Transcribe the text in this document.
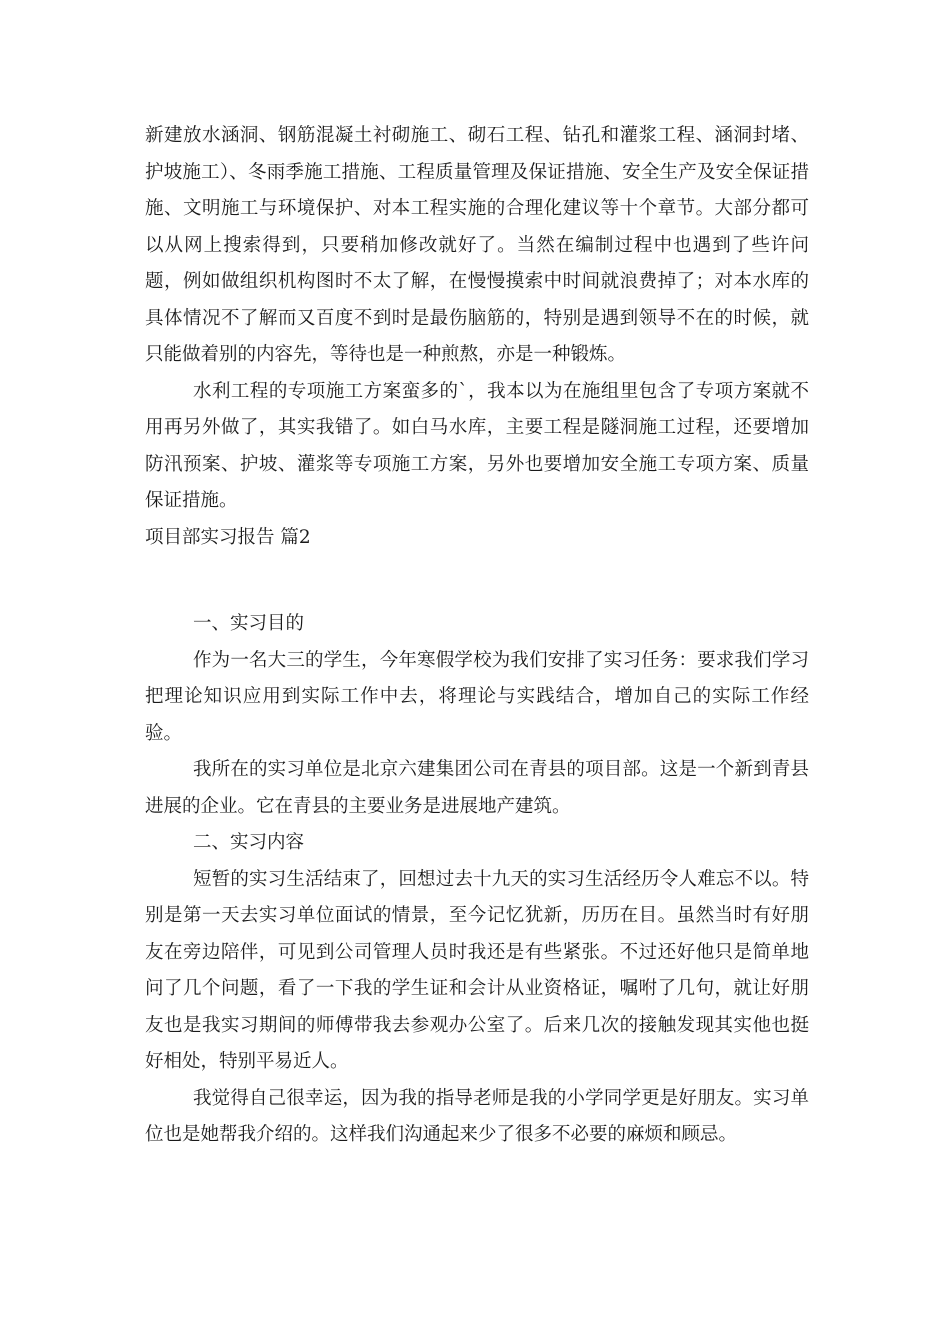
新建放水涵洞、钢筋混凝土衬砌施工、砌石工程、钻孔和灌浆工程、涵洞封堵、护坡施工）、冬雨季施工措施、工程质量管理及保证措施、安全生产及安全保证措施、文明施工与环境保护、对本工程实施的合理化建议等十个章节。大部分都可以从网上搜索得到，只要稍加修改就好了。当然在编制过程中也遇到了些许问题，例如做组织机构图时不太了解，在慢慢摸索中时间就浪费掉了；对本水库的具体情况不了解而又百度不到时是最伤脑筋的，特别是遇到领导不在的时候，就只能做着别的内容先，等待也是一种煎熬，亦是一种锻炼。

水利工程的专项施工方案蛮多的`，我本以为在施组里包含了专项方案就不用再另外做了，其实我错了。如白马水库，主要工程是隧洞施工过程，还要增加防汛预案、护坡、灌浆等专项施工方案，另外也要增加安全施工专项方案、质量保证措施。

项目部实习报告 篇2

一、实习目的

作为一名大三的学生，今年寒假学校为我们安排了实习任务：要求我们学习把理论知识应用到实际工作中去，将理论与实践结合，增加自己的实际工作经验。

我所在的实习单位是北京六建集团公司在青县的项目部。这是一个新到青县进展的企业。它在青县的主要业务是进展地产建筑。

二、实习内容

短暂的实习生活结束了，回想过去十九天的实习生活经历令人难忘不以。特别是第一天去实习单位面试的情景，至今记忆犹新，历历在目。虽然当时有好朋友在旁边陪伴，可见到公司管理人员时我还是有些紧张。不过还好他只是简单地问了几个问题，看了一下我的学生证和会计从业资格证，嘱咐了几句，就让好朋友也是我实习期间的师傅带我去参观办公室了。后来几次的接触发现其实他也挺好相处，特别平易近人。

我觉得自己很幸运，因为我的指导老师是我的小学同学更是好朋友。实习单位也是她帮我介绍的。这样我们沟通起来少了很多不必要的麻烦和顾忌。
